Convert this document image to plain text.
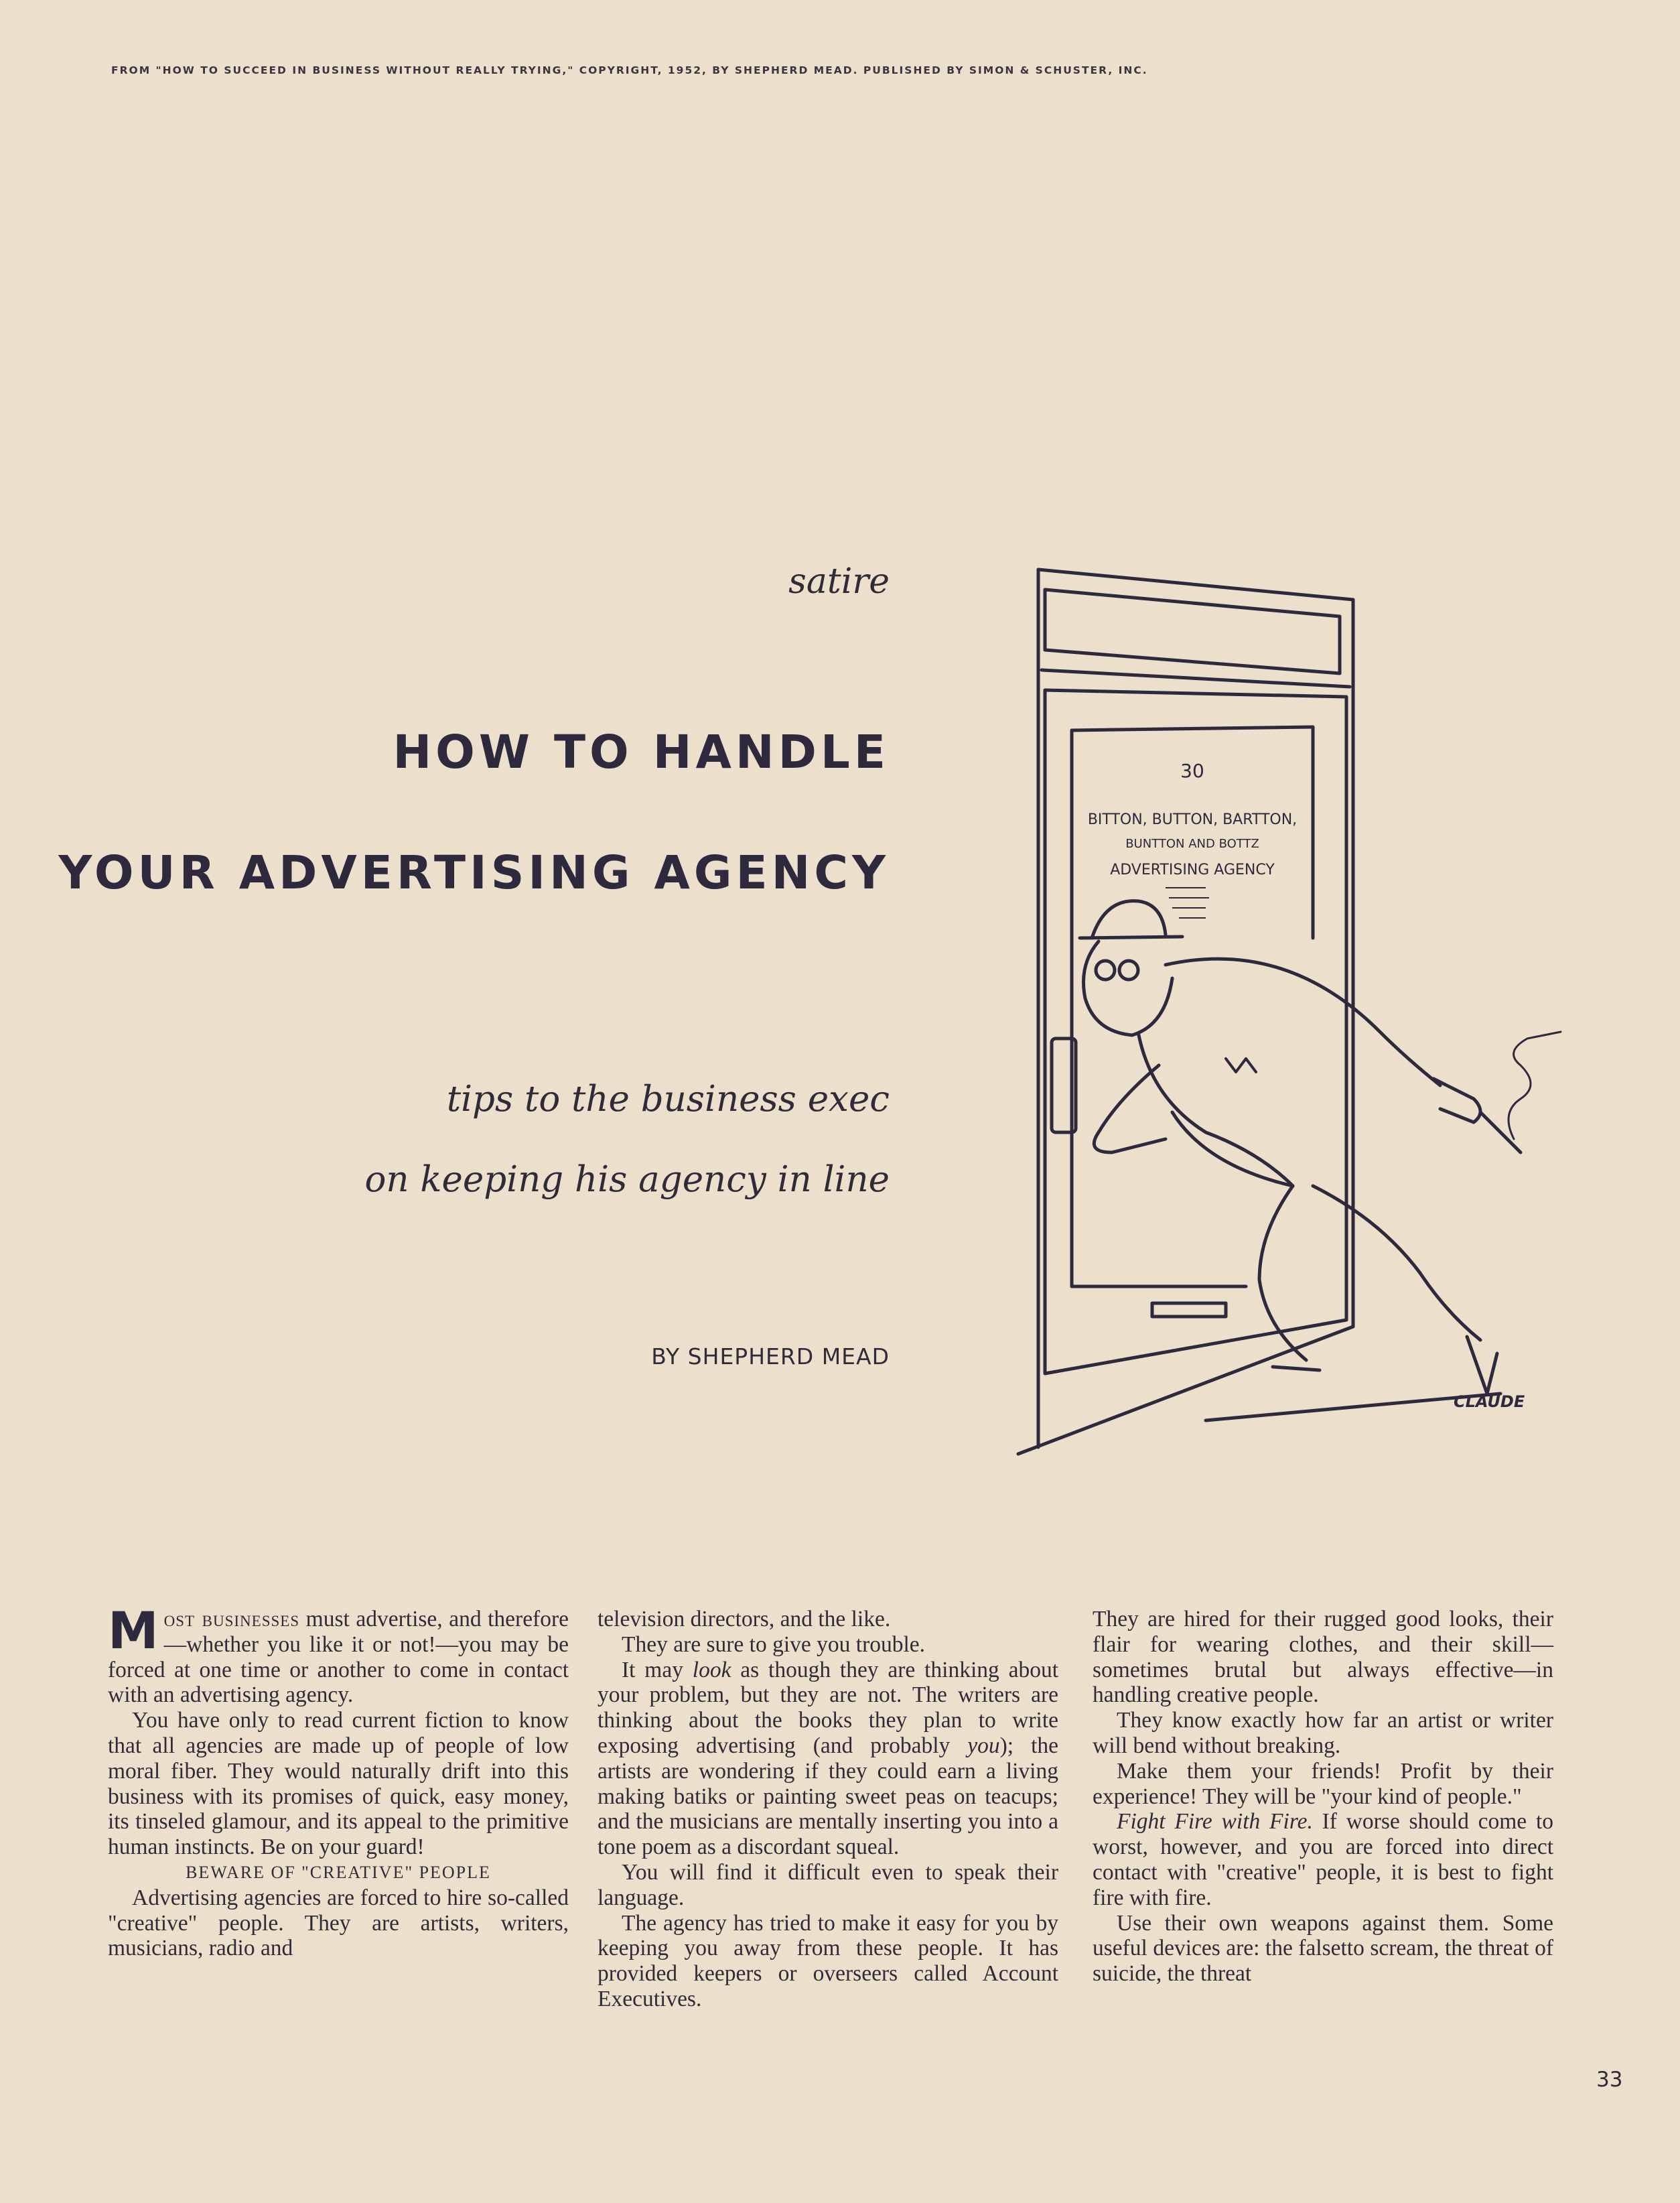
FROM "HOW TO SUCCEED IN BUSINESS WITHOUT REALLY TRYING," COPYRIGHT, 1952, BY SHEPHERD MEAD. PUBLISHED BY SIMON & SCHUSTER, INC.
satire
HOW TO HANDLE
YOUR ADVERTISING AGENCY
tips to the business exec
on keeping his agency in line
BY SHEPHERD MEAD
30
BITTON, BUTTON, BARTTON,
BUNTTON AND BOTTZ
ADVERTISING AGENCY
CLAUDE

Most businesses must advertise, and therefore—whether you like it or not!—you may be forced at one time or another to come in contact with an advertising agency.

You have only to read current fiction to know that all agencies are made up of people of low moral fiber. They would naturally drift into this business with its promises of quick, easy money, its tinseled glamour, and its appeal to the primitive human instincts. Be on your guard!

BEWARE OF "CREATIVE" PEOPLE

Advertising agencies are forced to hire so-called "creative" people. They are artists, writers, musicians, radio and

television directors, and the like.

They are sure to give you trouble.

It may look as though they are thinking about your problem, but they are not. The writers are thinking about the books they plan to write exposing advertising (and probably you); the artists are wondering if they could earn a living making batiks or painting sweet peas on teacups; and the musicians are mentally inserting you into a tone poem as a discordant squeal.

You will find it difficult even to speak their language.

The agency has tried to make it easy for you by keeping you away from these people. It has provided keepers or overseers called Account Executives.

They are hired for their rugged good looks, their flair for wearing clothes, and their skill—sometimes brutal but always effective—in handling creative people.

They know exactly how far an artist or writer will bend without breaking.

Make them your friends! Profit by their experience! They will be "your kind of people."

Fight Fire with Fire. If worse should come to worst, however, and you are forced into direct contact with "creative" people, it is best to fight fire with fire.

Use their own weapons against them. Some useful devices are: the falsetto scream, the threat of suicide, the threat

33
